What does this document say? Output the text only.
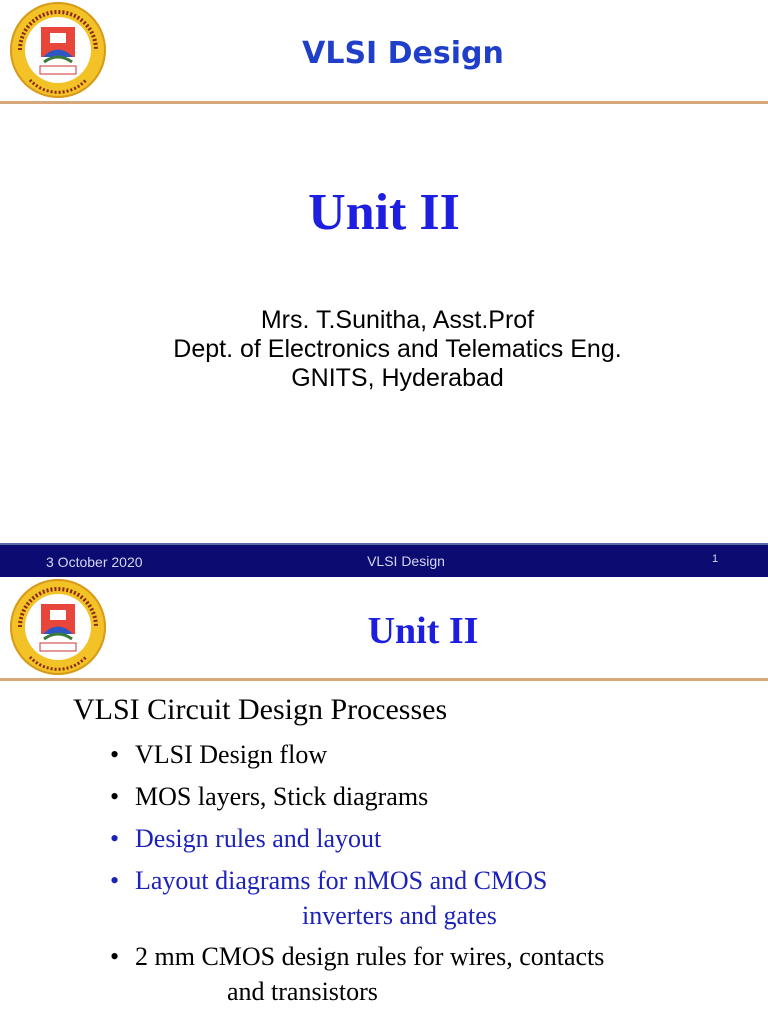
VLSI Design
Unit II
Mrs. T.Sunitha, Asst.Prof
Dept. of Electronics and Telematics Eng.
GNITS, Hyderabad
3 October 2020	VLSI Design	1
Unit II
VLSI Circuit Design Processes
• VLSI Design flow
• MOS layers, Stick diagrams
• Design rules and layout
• Layout diagrams for nMOS and CMOS
inverters and gates
• 2 mm CMOS design rules for wires, contacts
and transistors
